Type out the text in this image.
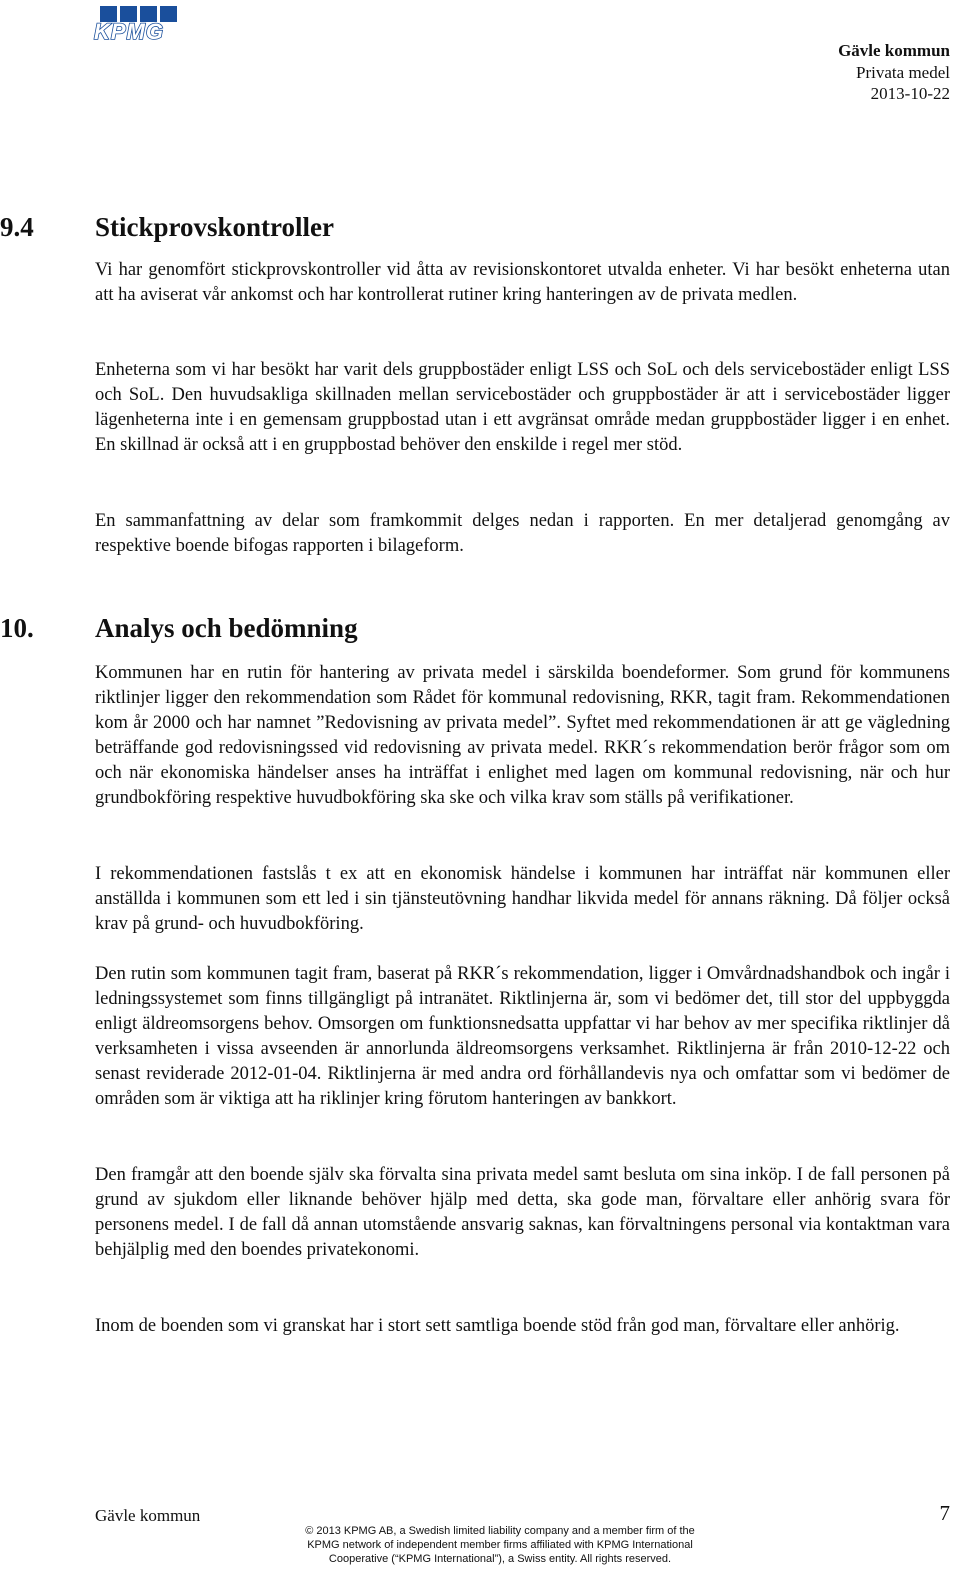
KPMG
Gävle kommun
Privata medel
2013-10-22
9.4 Stickprovskontroller

Vi har genomfört stickprovskontroller vid åtta av revisionskontoret utvalda enheter. Vi har besökt enheterna utan att ha aviserat vår ankomst och har kontrollerat rutiner kring hanteringen av de privata medlen.

Enheterna som vi har besökt har varit dels gruppbostäder enligt LSS och SoL och dels servicebostäder enligt LSS och SoL. Den huvudsakliga skillnaden mellan servicebostäder och gruppbostäder är att i servicebostäder ligger lägenheterna inte i en gemensam gruppbostad utan i ett avgränsat område medan gruppbostäder ligger i en enhet. En skillnad är också att i en gruppbostad behöver den enskilde i regel mer stöd.

En sammanfattning av delar som framkommit delges nedan i rapporten. En mer detaljerad genomgång av respektive boende bifogas rapporten i bilageform.

10. Analys och bedömning

Kommunen har en rutin för hantering av privata medel i särskilda boendeformer. Som grund för kommunens riktlinjer ligger den rekommendation som Rådet för kommunal redovisning, RKR, tagit fram. Rekommendationen kom år 2000 och har namnet ”Redovisning av privata medel”. Syftet med rekommendationen är att ge vägledning beträffande god redovisningssed vid redovisning av privata medel. RKR´s rekommendation berör frågor som om och när ekonomiska händelser anses ha inträffat i enlighet med lagen om kommunal redovisning, när och hur grundbokföring respektive huvudbokföring ska ske och vilka krav som ställs på verifikationer.

I rekommendationen fastslås t ex att en ekonomisk händelse i kommunen har inträffat när kommunen eller anställda i kommunen som ett led i sin tjänsteutövning handhar likvida medel för annans räkning. Då följer också krav på grund- och huvudbokföring.

Den rutin som kommunen tagit fram, baserat på RKR´s rekommendation, ligger i Omvårdnadshandbok och ingår i ledningssystemet som finns tillgängligt på intranätet. Riktlinjerna är, som vi bedömer det, till stor del uppbyggda enligt äldreomsorgens behov. Omsorgen om funktionsnedsatta uppfattar vi har behov av mer specifika riktlinjer då verksamheten i vissa avseenden är annorlunda äldreomsorgens verksamhet. Riktlinjerna är från 2010-12-22 och senast reviderade 2012-01-04. Riktlinjerna är med andra ord förhållandevis nya och omfattar som vi bedömer de områden som är viktiga att ha riklinjer kring förutom hanteringen av bankkort.

Den framgår att den boende själv ska förvalta sina privata medel samt besluta om sina inköp. I de fall personen på grund av sjukdom eller liknande behöver hjälp med detta, ska gode man, förvaltare eller anhörig svara för personens medel. I de fall då annan utomstående ansvarig saknas, kan förvaltningens personal via kontaktman vara behjälplig med den boendes privatekonomi.

Inom de boenden som vi granskat har i stort sett samtliga boende stöd från god man, förvaltare eller anhörig.

Gävle kommun	7
© 2013 KPMG AB, a Swedish limited liability company and a member firm of the
KPMG network of independent member firms affiliated with KPMG International
Cooperative (“KPMG International”), a Swiss entity. All rights reserved.
